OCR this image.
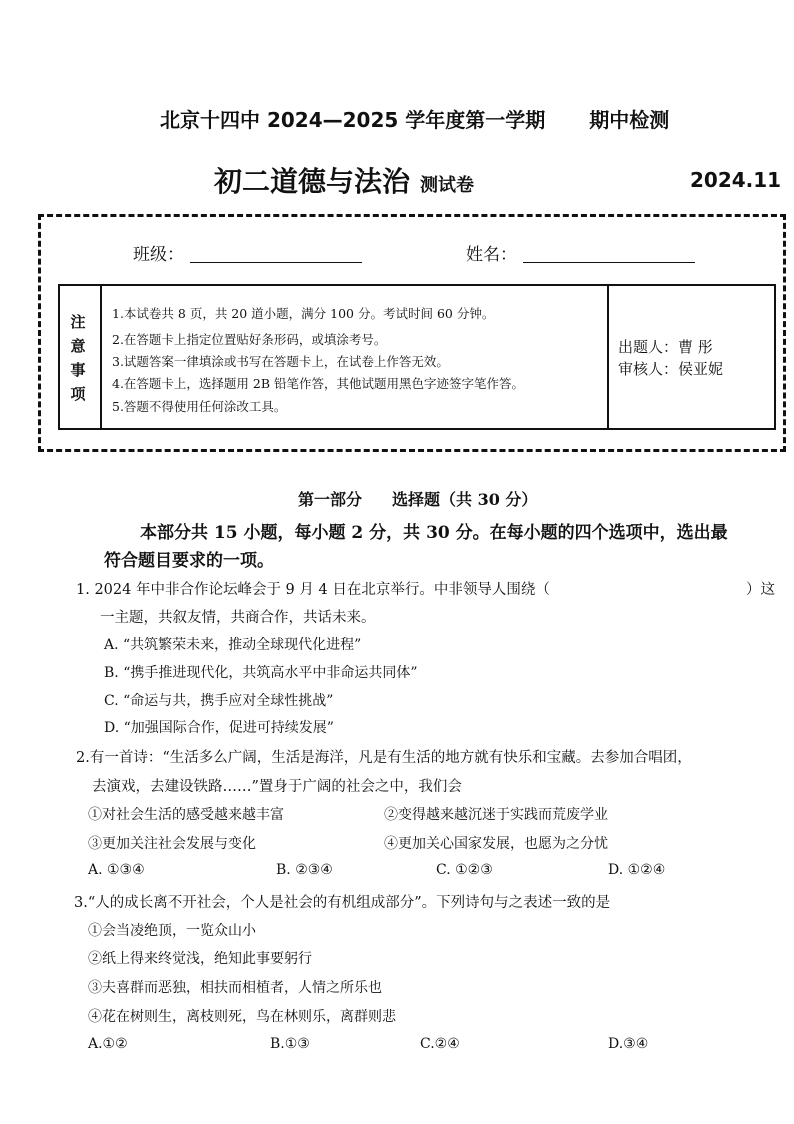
北京十四中 2024—2025 学年度第一学期 期中检测
初二道德与法治 测试卷	2024.11
班级：	姓名：
注意事项
1.本试卷共 8 页，共 20 道小题，满分 100 分。考试时间 60 分钟。
2.在答题卡上指定位置贴好条形码，或填涂考号。
3.试题答案一律填涂或书写在答题卡上，在试卷上作答无效。
4.在答题卡上，选择题用 2B 铅笔作答，其他试题用黑色字迹签字笔作答。
5.答题不得使用任何涂改工具。
出题人：曹 彤
审核人：侯亚妮
第一部分 选择题（共 30 分）
本部分共 15 小题，每小题 2 分，共 30 分。在每小题的四个选项中，选出最
符合题目要求的一项。
1. 2024 年中非合作论坛峰会于 9 月 4 日在北京举行。中非领导人围绕（	）这
一主题，共叙友情，共商合作，共话未来。
A. “共筑繁荣未来，推动全球现代化进程”
B. “携手推进现代化，共筑高水平中非命运共同体”
C. “命运与共，携手应对全球性挑战”
D. “加强国际合作，促进可持续发展”
2.有一首诗：“生活多么广阔，生活是海洋，凡是有生活的地方就有快乐和宝藏。去参加合唱团，
去演戏，去建设铁路……”置身于广阔的社会之中，我们会
①对社会生活的感受越来越丰富	②变得越来越沉迷于实践而荒废学业
③更加关注社会发展与变化	④更加关心国家发展，也愿为之分忧
A. ①③④	B. ②③④	C. ①②③	D. ①②④
3.“人的成长离不开社会，个人是社会的有机组成部分”。下列诗句与之表述一致的是
①会当凌绝顶，一览众山小
②纸上得来终觉浅，绝知此事要躬行
③夫喜群而恶独，相扶而相植者，人情之所乐也
④花在树则生，离枝则死，鸟在林则乐，离群则悲
A.①②	B.①③	C.②④	D.③④
